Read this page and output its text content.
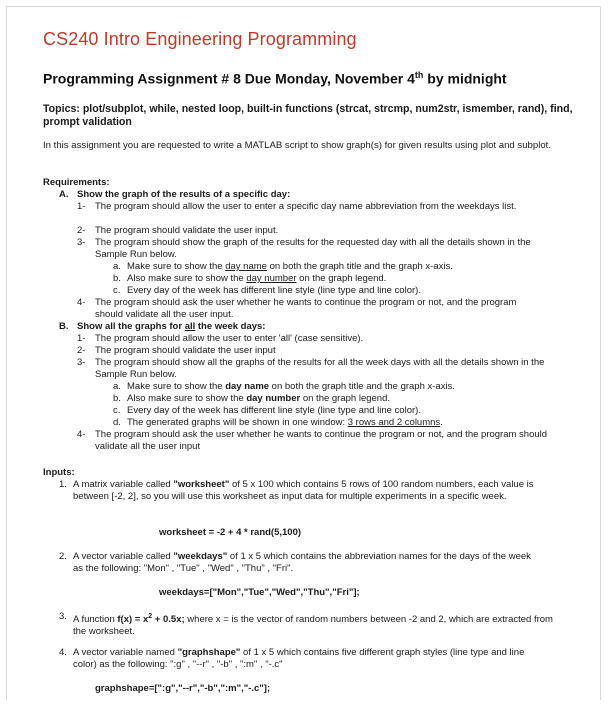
CS240 Intro Engineering Programming
Programming Assignment # 8 Due Monday, November 4th by midnight
Topics: plot/subplot, while, nested loop, built-in functions (strcat, strcmp, num2str, ismember, rand), find, prompt validation
In this assignment you are requested to write a MATLAB script to show graph(s) for given results using plot and subplot.
Requirements:
A. Show the graph of the results of a specific day:
1- The program should allow the user to enter a specific day name abbreviation from the weekdays list.
2- The program should validate the user input.
3- The program should show the graph of the results for the requested day with all the details shown in the Sample Run below.
a. Make sure to show the day name on both the graph title and the graph x-axis.
b. Also make sure to show the day number on the graph legend.
c. Every day of the week has different line style (line type and line color).
4- The program should ask the user whether he wants to continue the program or not, and the program should validate all the user input.
B. Show all the graphs for all the week days:
1- The program should allow the user to enter 'all' (case sensitive).
2- The program should validate the user input
3- The program should show all the graphs of the results for all the week days with all the details shown in the Sample Run below.
a. Make sure to show the day name on both the graph title and the graph x-axis.
b. Also make sure to show the day number on the graph legend.
c. Every day of the week has different line style (line type and line color).
d. The generated graphs will be shown in one window: 3 rows and 2 columns.
4- The program should ask the user whether he wants to continue the program or not, and the program should validate all the user input
Inputs:
1. A matrix variable called "worksheet" of 5 x 100 which contains 5 rows of 100 random numbers, each value is between [-2, 2], so you will use this worksheet as input data for multiple experiments in a specific week.
worksheet = -2 + 4 * rand(5,100)
2. A vector variable called "weekdays" of 1 x 5 which contains the abbreviation names for the days of the week as the following: "Mon" , "Tue" , "Wed" , "Thu" , "Fri".
weekdays=["Mon","Tue","Wed","Thu","Fri"];
3. A function $f(x) = x^2 + 0.5x$; where x = is the vector of random numbers between -2 and 2, which are extracted from the worksheet.
4. A vector variable named "graphshape" of 1 x 5 which contains five different graph styles (line type and line color) as the following: ":g" , "--r" , "-b" , ":m" , "-.c"
graphshape=[":g","--r","-b",":m","-.c"];
